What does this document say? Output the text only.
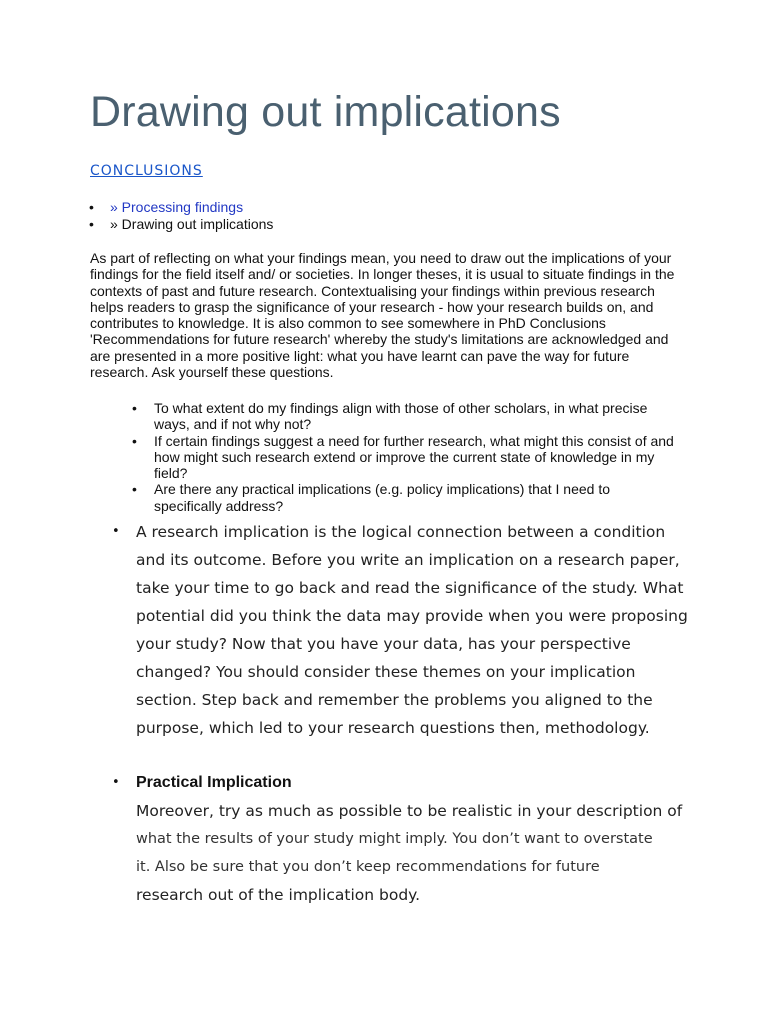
Drawing out implications
CONCLUSIONS
• » Processing findings
• » Drawing out implications

As part of reflecting on what your findings mean, you need to draw out the implications of your findings for the field itself and/ or societies. In longer theses, it is usual to situate findings in the contexts of past and future research. Contextualising your findings within previous research helps readers to grasp the significance of your research - how your research builds on, and contributes to knowledge. It is also common to see somewhere in PhD Conclusions 'Recommendations for future research' whereby the study's limitations are acknowledged and are presented in a more positive light: what you have learnt can pave the way for future research. Ask yourself these questions.

• To what extent do my findings align with those of other scholars, in what precise ways, and if not why not?
• If certain findings suggest a need for further research, what might this consist of and how might such research extend or improve the current state of knowledge in my field?
• Are there any practical implications (e.g. policy implications) that I need to specifically address?
• A research implication is the logical connection between a condition and its outcome. Before you write an implication on a research paper, take your time to go back and read the significance of the study. What potential did you think the data may provide when you were proposing your study? Now that you have your data, has your perspective changed? You should consider these themes on your implication section. Step back and remember the problems you aligned to the purpose, which led to your research questions then, methodology.
• Practical Implication
Moreover, try as much as possible to be realistic in your description of
what the results of your study might imply. You don’t want to overstate
it. Also be sure that you don’t keep recommendations for future
research out of the implication body.
